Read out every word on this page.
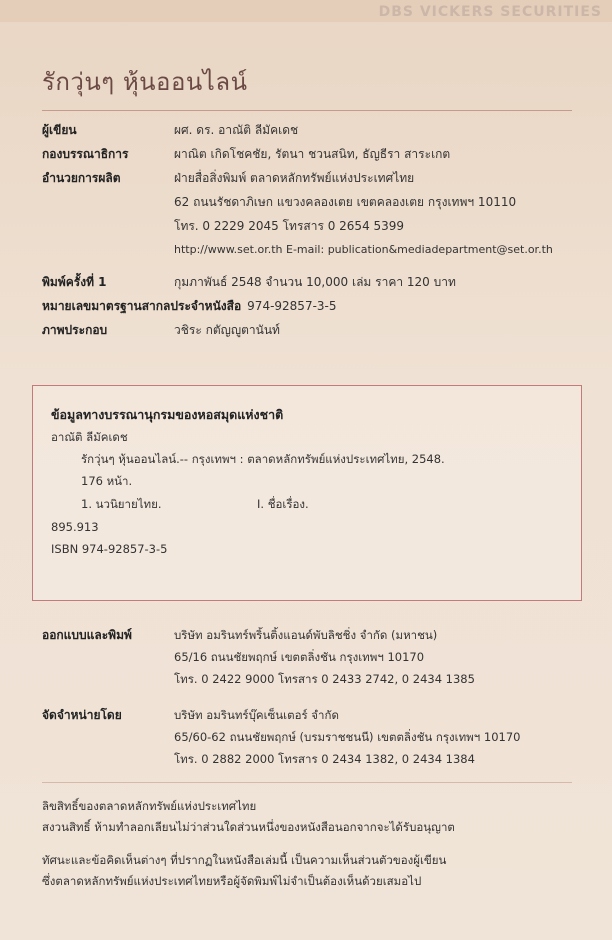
DBS VICKERS SECURITIES
รักวุ่นๆ หุ้นออนไลน์
ผู้เขียน	ผศ. ดร. อาณัติ ลีมัคเดช
กองบรรณาธิการ	ผาณิต เกิดโชคชัย, รัตนา ชวนสนิท, ธัญธีรา สาระเกต
อำนวยการผลิต	ฝ่ายสื่อสิ่งพิมพ์ ตลาดหลักทรัพย์แห่งประเทศไทย
62 ถนนรัชดาภิเษก แขวงคลองเตย เขตคลองเตย กรุงเทพฯ 10110
โทร. 0 2229 2045 โทรสาร 0 2654 5399
http://www.set.or.th E-mail: publication&mediadepartment@set.or.th
พิมพ์ครั้งที่ 1	กุมภาพันธ์ 2548 จำนวน 10,000 เล่ม ราคา 120 บาท
หมายเลขมาตรฐานสากลประจำหนังสือ 974-92857-3-5

ภาพประกอบ	วชิระ กตัญญูตานันท์
ข้อมูลทางบรรณานุกรมของหอสมุดแห่งชาติ
อาณัติ ลีมัคเดช
รักวุ่นๆ หุ้นออนไลน์.-- กรุงเทพฯ : ตลาดหลักทรัพย์แห่งประเทศไทย, 2548.
176 หน้า.
1. นวนิยายไทย.	I. ชื่อเรื่อง.
895.913
ISBN 974-92857-3-5
ออกแบบและพิมพ์	บริษัท อมรินทร์พริ้นติ้งแอนด์พับลิชชิ่ง จำกัด (มหาชน)
65/16 ถนนชัยพฤกษ์ เขตตลิ่งชัน กรุงเทพฯ 10170
โทร. 0 2422 9000 โทรสาร 0 2433 2742, 0 2434 1385
จัดจำหน่ายโดย	บริษัท อมรินทร์บุ๊คเซ็นเตอร์ จำกัด
65/60-62 ถนนชัยพฤกษ์ (บรมราชชนนี) เขตตลิ่งชัน กรุงเทพฯ 10170
โทร. 0 2882 2000 โทรสาร 0 2434 1382, 0 2434 1384
ลิขสิทธิ์ของตลาดหลักทรัพย์แห่งประเทศไทย
สงวนสิทธิ์ ห้ามทำลอกเลียนไม่ว่าส่วนใดส่วนหนึ่งของหนังสือนอกจากจะได้รับอนุญาต
ทัศนะและข้อคิดเห็นต่างๆ ที่ปรากฏในหนังสือเล่มนี้ เป็นความเห็นส่วนตัวของผู้เขียน
ซึ่งตลาดหลักทรัพย์แห่งประเทศไทยหรือผู้จัดพิมพ์ไม่จำเป็นต้องเห็นด้วยเสมอไป
